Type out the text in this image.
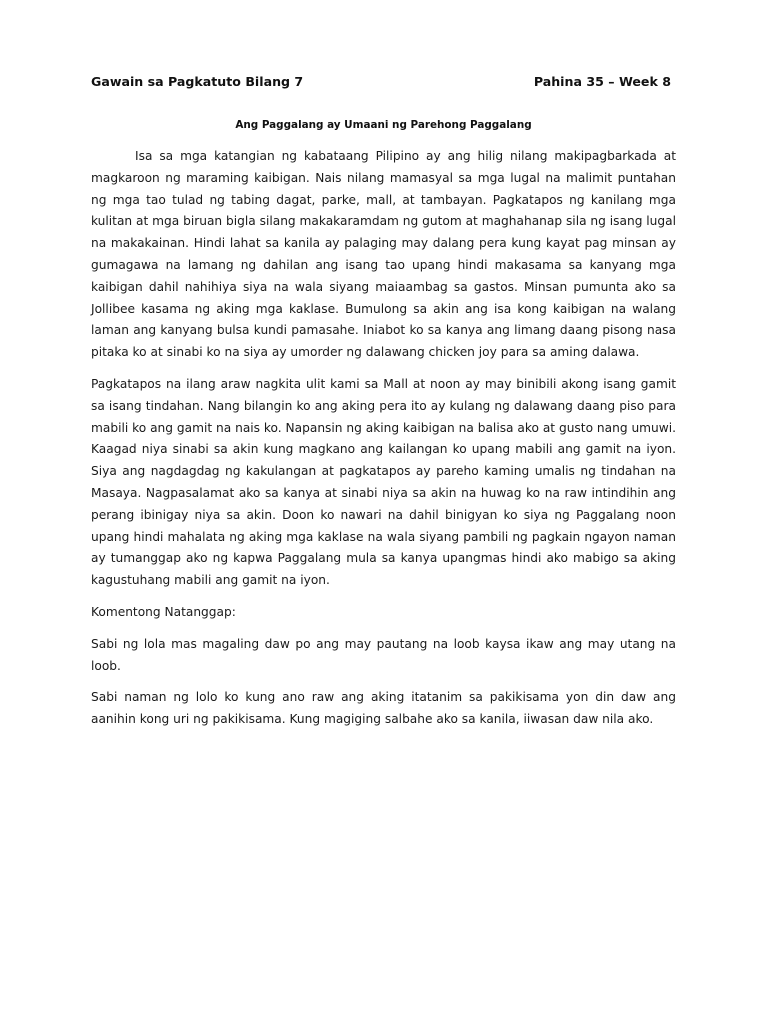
Gawain sa Pagkatuto Bilang 7	Pahina 35 – Week 8
Ang Paggalang ay Umaani ng Parehong Paggalang

Isa sa mga katangian ng kabataang Pilipino ay ang hilig nilang makipagbarkada at magkaroon ng maraming kaibigan. Nais nilang mamasyal sa mga lugal na malimit puntahan ng mga tao tulad ng tabing dagat, parke, mall, at tambayan. Pagkatapos ng kanilang mga kulitan at mga biruan bigla silang makakaramdam ng gutom at maghahanap sila ng isang lugal na makakainan. Hindi lahat sa kanila ay palaging may dalang pera kung kayat pag minsan ay gumagawa na lamang ng dahilan ang isang tao upang hindi makasama sa kanyang mga kaibigan dahil nahihiya siya na wala siyang maiaambag sa gastos. Minsan pumunta ako sa Jollibee kasama ng aking mga kaklase. Bumulong sa akin ang isa kong kaibigan na walang laman ang kanyang bulsa kundi pamasahe. Iniabot ko sa kanya ang limang daang pisong nasa pitaka ko at sinabi ko na siya ay umorder ng dalawang chicken joy para sa aming dalawa.

Pagkatapos na ilang araw nagkita ulit kami sa Mall at noon ay may binibili akong isang gamit sa isang tindahan. Nang bilangin ko ang aking pera ito ay kulang ng dalawang daang piso para mabili ko ang gamit na nais ko. Napansin ng aking kaibigan na balisa ako at gusto nang umuwi. Kaagad niya sinabi sa akin kung magkano ang kailangan ko upang mabili ang gamit na iyon. Siya ang nagdagdag ng kakulangan at pagkatapos ay pareho kaming umalis ng tindahan na Masaya. Nagpasalamat ako sa kanya at sinabi niya sa akin na huwag ko na raw intindihin ang perang ibinigay niya sa akin. Doon ko nawari na dahil binigyan ko siya ng Paggalang noon upang hindi mahalata ng aking mga kaklase na wala siyang pambili ng pagkain ngayon naman ay tumanggap ako ng kapwa Paggalang mula sa kanya upangmas hindi ako mabigo sa aking kagustuhang mabili ang gamit na iyon.

Komentong Natanggap:

Sabi ng lola mas magaling daw po ang may pautang na loob kaysa ikaw ang may utang na loob.

Sabi naman ng lolo ko kung ano raw ang aking itatanim sa pakikisama yon din daw ang aanihin kong uri ng pakikisama. Kung magiging salbahe ako sa kanila, iiwasan daw nila ako.
